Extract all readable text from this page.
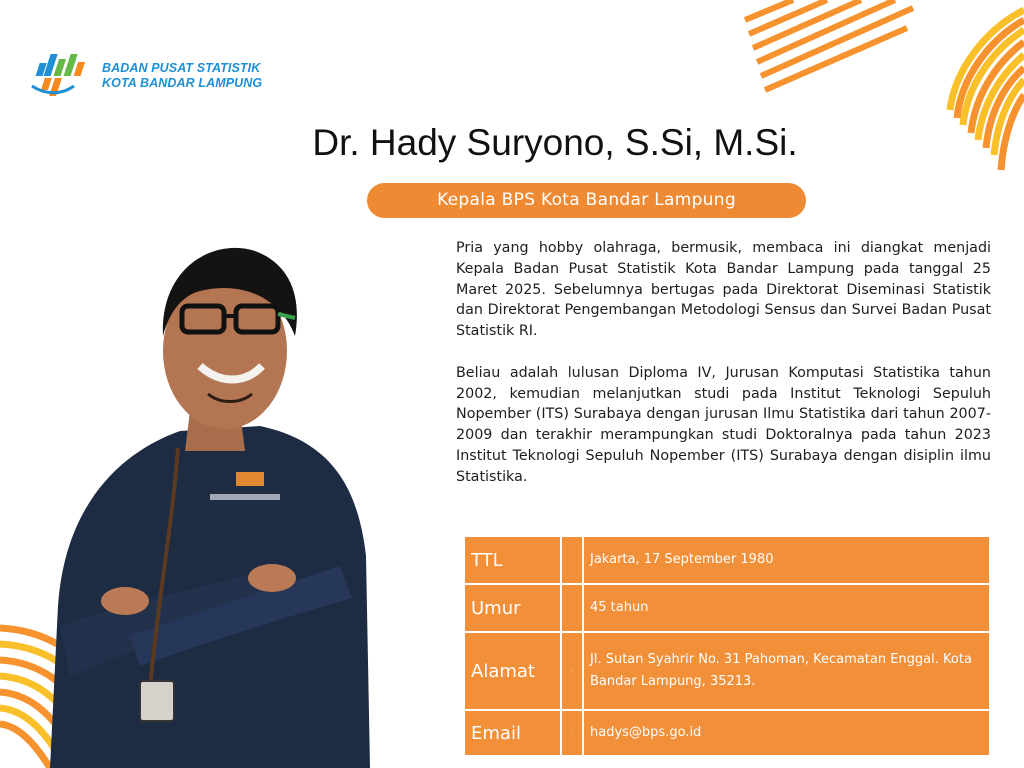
BADAN PUSAT STATISTIK
KOTA BANDAR LAMPUNG
Dr. Hady Suryono, S.Si, M.Si.
Kepala BPS Kota Bandar Lampung

Pria yang hobby olahraga, bermusik, membaca ini diangkat menjadi Kepala Badan Pusat Statistik Kota Bandar Lampung pada tanggal 25 Maret 2025. Sebelumnya bertugas pada Direktorat Diseminasi Statistik dan Direktorat Pengembangan Metodologi Sensus dan Survei Badan Pusat Statistik RI.

Beliau adalah lulusan Diploma IV, Jurusan Komputasi Statistika tahun 2002, kemudian melanjutkan studi pada Institut Teknologi Sepuluh Nopember (ITS) Surabaya dengan jurusan Ilmu Statistika dari tahun 2007-2009 dan terakhir merampungkan studi Doktoralnya pada tahun 2023 Institut Teknologi Sepuluh Nopember (ITS) Surabaya dengan disiplin ilmu Statistika.

TTL	:	Jakarta, 17 September 1980
Umur	:	45 tahun
Alamat	:	Jl. Sutan Syahrir No. 31 Pahoman, Kecamatan Enggal. Kota Bandar Lampung, 35213.
Email	:	hadys@bps.go.id
